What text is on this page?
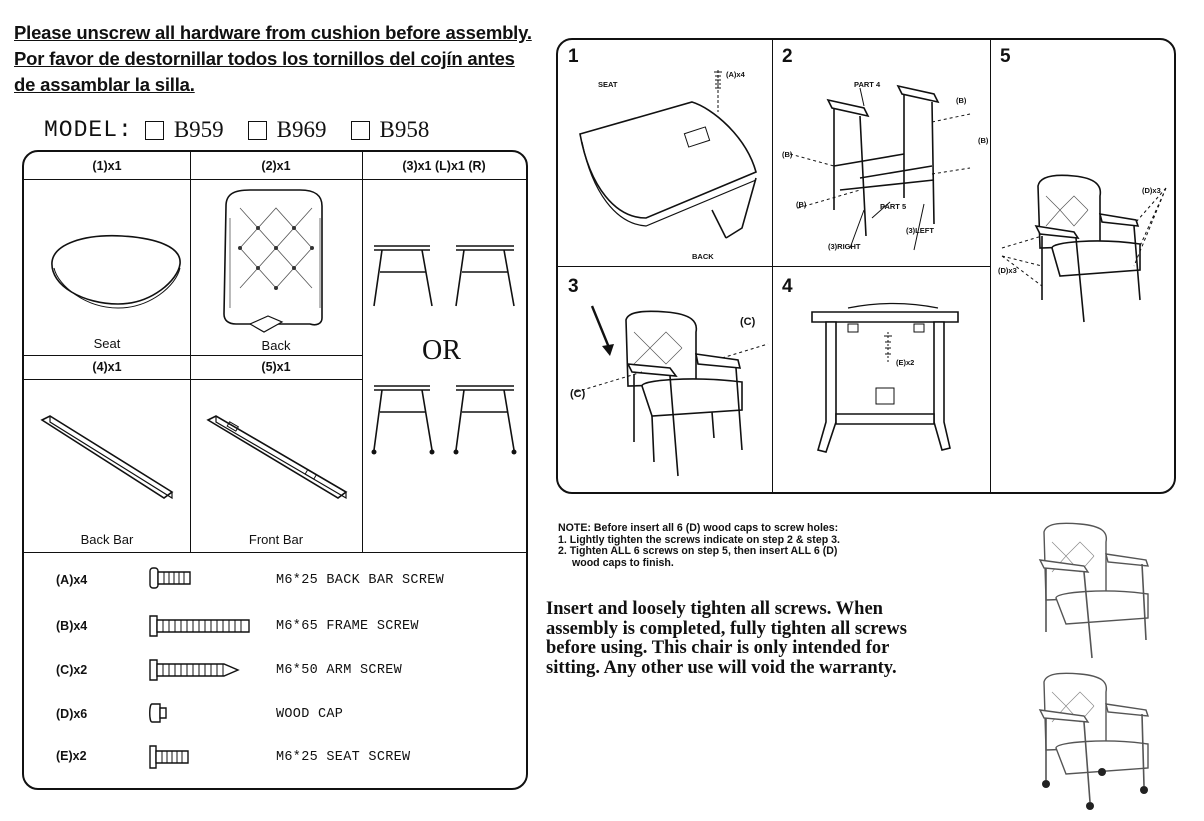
Please unscrew all hardware from cushion before assembly.
Por favor de destornillar todos los tornillos del cojín antes
de assamblar la silla.
MODEL: B959 B969 B958
(1)x1	(2)x1	(3)x1 (L)x1 (R)
(4)x1	(5)x1
Seat	Back	OR
Back Bar	Front Bar
(A)x4	M6*25 BACK BAR SCREW
(B)x4	M6*65 FRAME SCREW
(C)x2	M6*50 ARM SCREW
(D)x6	WOOD CAP
(E)x2	M6*25 SEAT SCREW
1	2	5
3	4
(A)x4
SEAT
BACK
PART 4
PART 5
(3)RIGHT
(3)LEFT
(B)
(B)
(B)
(B)
(C)
(C)
(E)x2
(D)x3
(D)x3
NOTE: Before insert all 6 (D) wood caps to screw holes:
1. Lightly tighten the screws indicate on step 2 & step 3.
2. Tighten ALL 6 screws on step 5, then insert ALL 6 (D)
wood caps to finish.
Insert and loosely tighten all screws. When
assembly is completed, fully tighten all screws
before using. This chair is only intended for
sitting. Any other use will void the warranty.
